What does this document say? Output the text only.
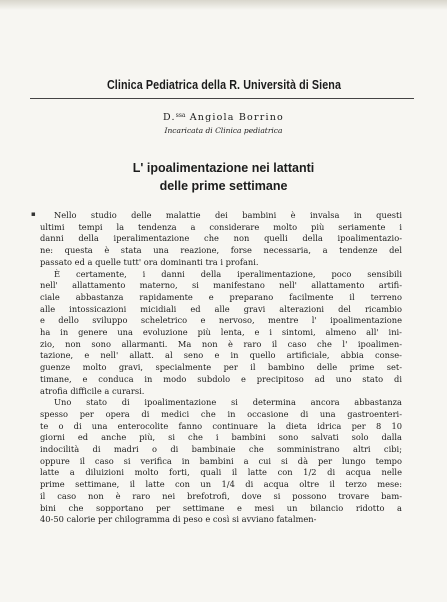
Clinica Pediatrica della R. Università di Siena
D.$^{ssa}$ Angiola Borrino
Incaricata di Clinica pediatrica
L' ipoalimentazione nei lattanti
delle prime settimane
▪ Nello studio delle malattie dei bambini è invalsa in questi
ultimi tempi la tendenza a considerare molto più seriamente i
danni della iperalimentazione che non quelli della ipoalimentazio-
ne: questa è stata una reazione, forse necessaria, a tendenze del
passato ed a quelle tutt' ora dominanti tra i profani.
È certamente, i danni della iperalimentazione, poco sensibili
nell' allattamento materno, si manifestano nell' allattamento artifi-
ciale abbastanza rapidamente e preparano facilmente il terreno
alle intossicazioni micidiali ed alle gravi alterazioni del ricambio
e dello sviluppo scheletrico e nervoso, mentre l' ipoalimentazione
ha in genere una evoluzione più lenta, e i sintomi, almeno all' ini-
zio, non sono allarmanti. Ma non è raro il caso che l' ipoalimen-
tazione, e nell' allatt. al seno e in quello artificiale, abbia conse-
guenze molto gravi, specialmente per il bambino delle prime set-
timane, e conduca in modo subdolo e precipitoso ad uno stato di
atrofia difficile a curarsi.
Uno stato di ipoalimentazione si determina ancora abbastanza
spesso per opera di medici che in occasione di una gastroenteri-
te o di una enterocolite fanno continuare la dieta idrica per 8 10
giorni ed anche più, si che i bambini sono salvati solo dalla
indocilità di madri o di bambinaie che somministrano altri cibi;
oppure il caso si verifica in bambini a cui si dà per lungo tempo
latte a diluizioni molto forti, quali il latte con 1/2 di acqua nelle
prime settimane, il latte con un 1/4 di acqua oltre il terzo mese:
il caso non è raro nei brefotrofi, dove si possono trovare bam-
bini che sopportano per settimane e mesi un bilancio ridotto a
40-50 calorie per chilogramma di peso e così si avviano fatalmen-
